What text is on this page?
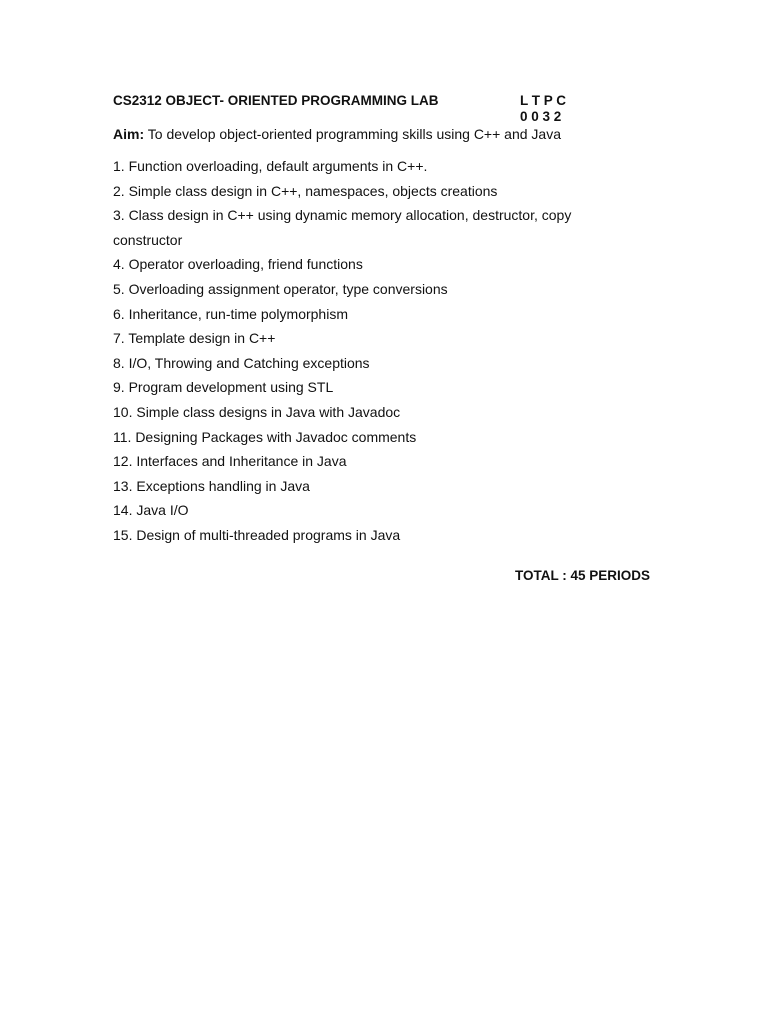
CS2312 OBJECT- ORIENTED PROGRAMMING LAB	L T P C
0 0 3 2
Aim: To develop object-oriented programming skills using C++ and Java
1. Function overloading, default arguments in C++.
2. Simple class design in C++, namespaces, objects creations
3. Class design in C++ using dynamic memory allocation, destructor, copy
constructor
4. Operator overloading, friend functions
5. Overloading assignment operator, type conversions
6. Inheritance, run-time polymorphism
7. Template design in C++
8. I/O, Throwing and Catching exceptions
9. Program development using STL
10. Simple class designs in Java with Javadoc
11. Designing Packages with Javadoc comments
12. Interfaces and Inheritance in Java
13. Exceptions handling in Java
14. Java I/O
15. Design of multi-threaded programs in Java
TOTAL : 45 PERIODS
